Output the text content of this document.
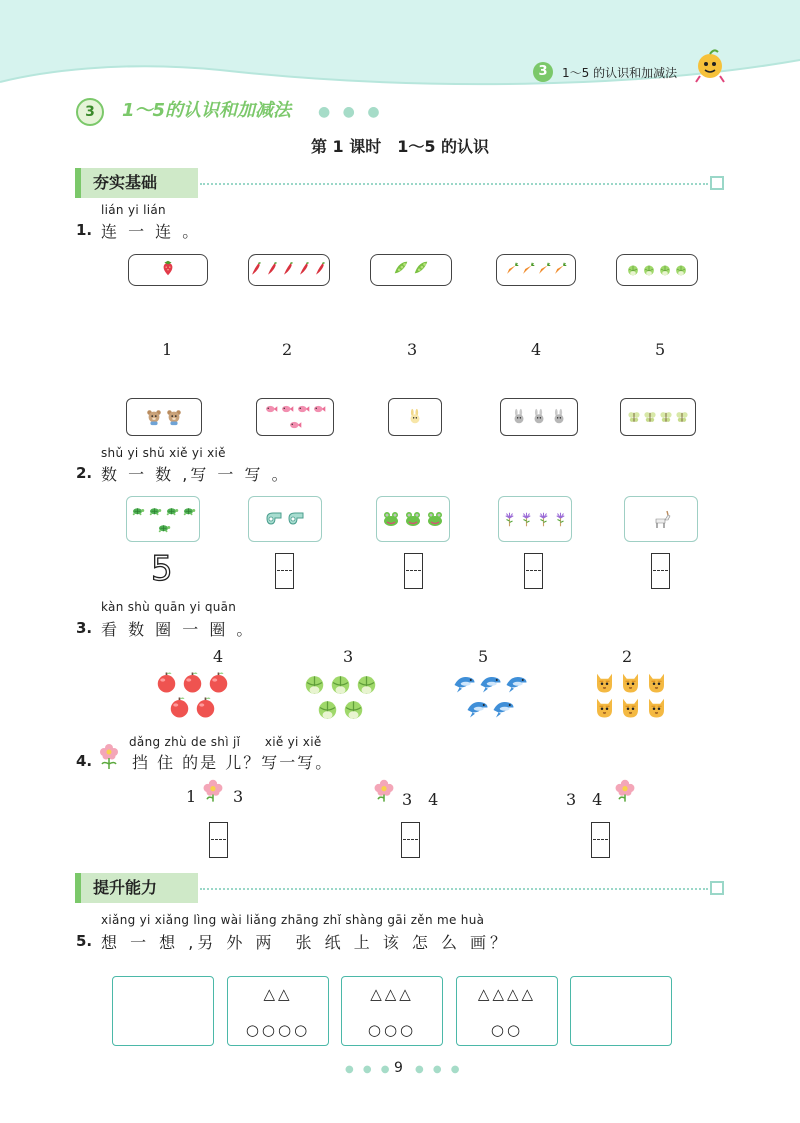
3	1～5 的认识和加减法
3	1～5的认识和加减法 ● ● ●
第 1 课时　1～5 的认识
夯实基础
lián yi lián
1. 连 一 连 。
1	2	3	4	5
shǔ yi shǔ xiě yi xiě
2. 数 一 数 ,写 一 写 。
5
kàn shù quān yi quān
3. 看 数 圈 一 圈 。
4	3	5	2
dǎng zhù de shì jǐ　　xiě yi xiě
4. 挡 住 的是 儿？写一写。
1 3	3　4	3　4
提升能力
xiǎng yi xiǎng lìng wài liǎng zhāng zhǐ shàng gāi zěn me huà
5. 想 一 想 ,另 外 两　张 纸 上 该 怎 么 画？
△△
○○○○
△△△
○○○
△△△△
○○
● ● ● 9 ● ● ●
